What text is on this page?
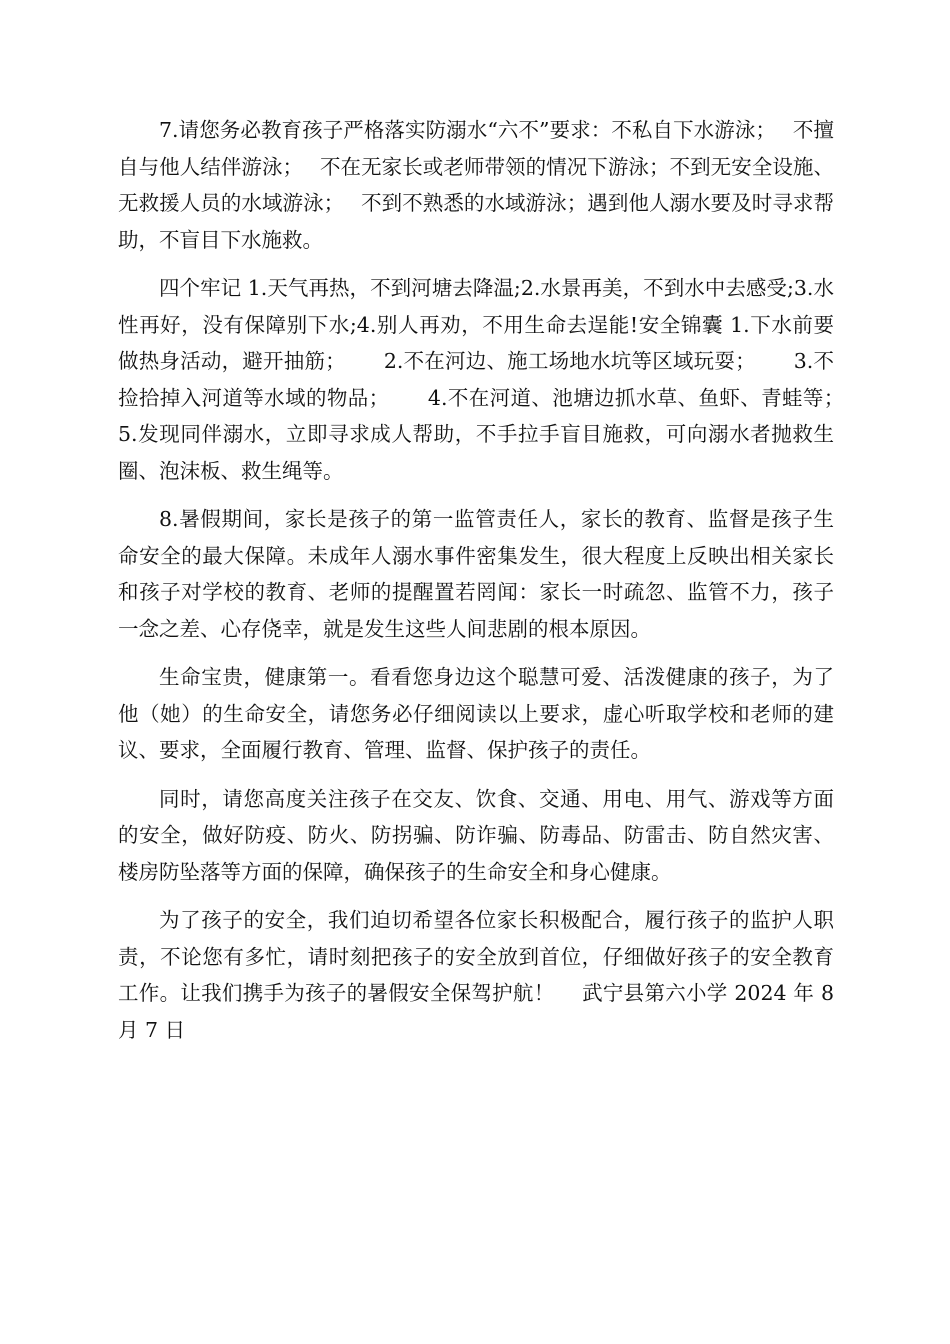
7.请您务必教育孩子严格落实防溺水“六不”要求：不私自下水游泳；　 不擅自与他人结伴游泳；　 不在无家长或老师带领的情况下游泳；不到无安全设施、无救援人员的水域游泳；　 不到不熟悉的水域游泳；遇到他人溺水要及时寻求帮助，不盲目下水施救。

四个牢记 1.天气再热，不到河塘去降温;2.水景再美，不到水中去感受;3.水性再好，没有保障别下水;4.别人再劝，不用生命去逞能!安全锦囊 1.下水前要做热身活动，避开抽筋；　　 2.不在河边、施工场地水坑等区域玩耍；　　 3.不捡拾掉入河道等水域的物品；　　 4.不在河道、池塘边抓水草、鱼虾、青蛙等；　　 5.发现同伴溺水，立即寻求成人帮助，不手拉手盲目施救，可向溺水者抛救生圈、泡沫板、救生绳等。

8.暑假期间，家长是孩子的第一监管责任人，家长的教育、监督是孩子生命安全的最大保障。未成年人溺水事件密集发生，很大程度上反映出相关家长和孩子对学校的教育、老师的提醒置若罔闻：家长一时疏忽、监管不力，孩子一念之差、心存侥幸，就是发生这些人间悲剧的根本原因。

生命宝贵，健康第一。看看您身边这个聪慧可爱、活泼健康的孩子，为了他（她）的生命安全，请您务必仔细阅读以上要求，虚心听取学校和老师的建议、要求，全面履行教育、管理、监督、保护孩子的责任。

同时，请您高度关注孩子在交友、饮食、交通、用电、用气、游戏等方面的安全，做好防疫、防火、防拐骗、防诈骗、防毒品、防雷击、防自然灾害、楼房防坠落等方面的保障，确保孩子的生命安全和身心健康。

为了孩子的安全，我们迫切希望各位家长积极配合，履行孩子的监护人职责，不论您有多忙，请时刻把孩子的安全放到首位，仔细做好孩子的安全教育工作。让我们携手为孩子的暑假安全保驾护航！　 武宁县第六小学 2024 年 8 月 7 日
